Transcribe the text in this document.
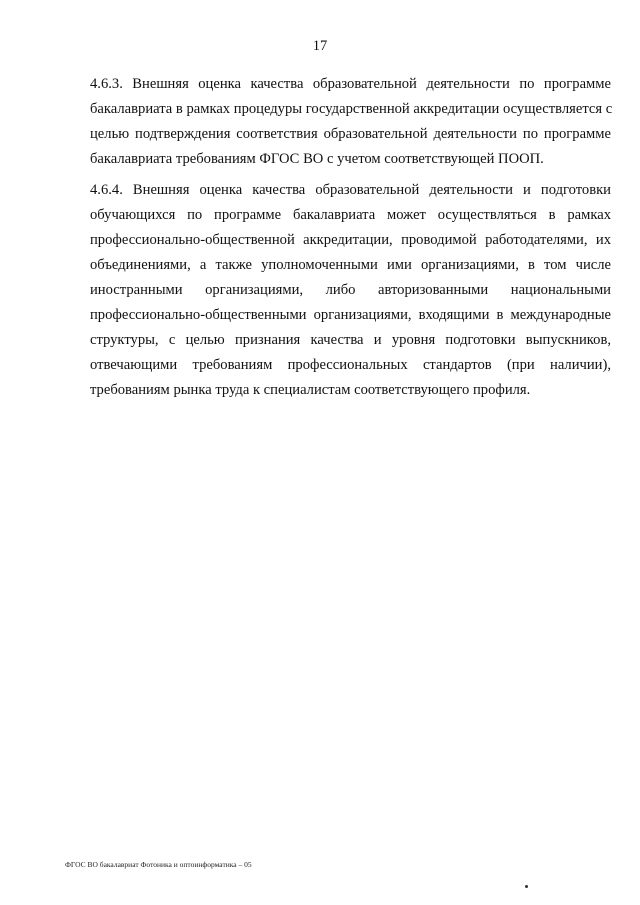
17

4.6.3. Внешняя оценка качества образовательной деятельности по программе
бакалавриата в рамках процедуры государственной аккредитации осуществляется с
целью подтверждения соответствия образовательной деятельности по программе
бакалавриата требованиям ФГОС ВО с учетом соответствующей ПООП.

4.6.4. Внешняя оценка качества образовательной деятельности и подготовки
обучающихся по программе бакалавриата может осуществляться в рамках
профессионально-общественной аккредитации, проводимой работодателями, их
объединениями, а также уполномоченными ими организациями, в том числе
иностранными организациями, либо авторизованными национальными
профессионально-общественными организациями, входящими в международные
структуры, с целью признания качества и уровня подготовки выпускников,
отвечающими требованиям профессиональных стандартов (при наличии),
требованиям рынка труда к специалистам соответствующего профиля.

ФГОС ВО бакалавриат Фотоника и оптоинформатика – 05
